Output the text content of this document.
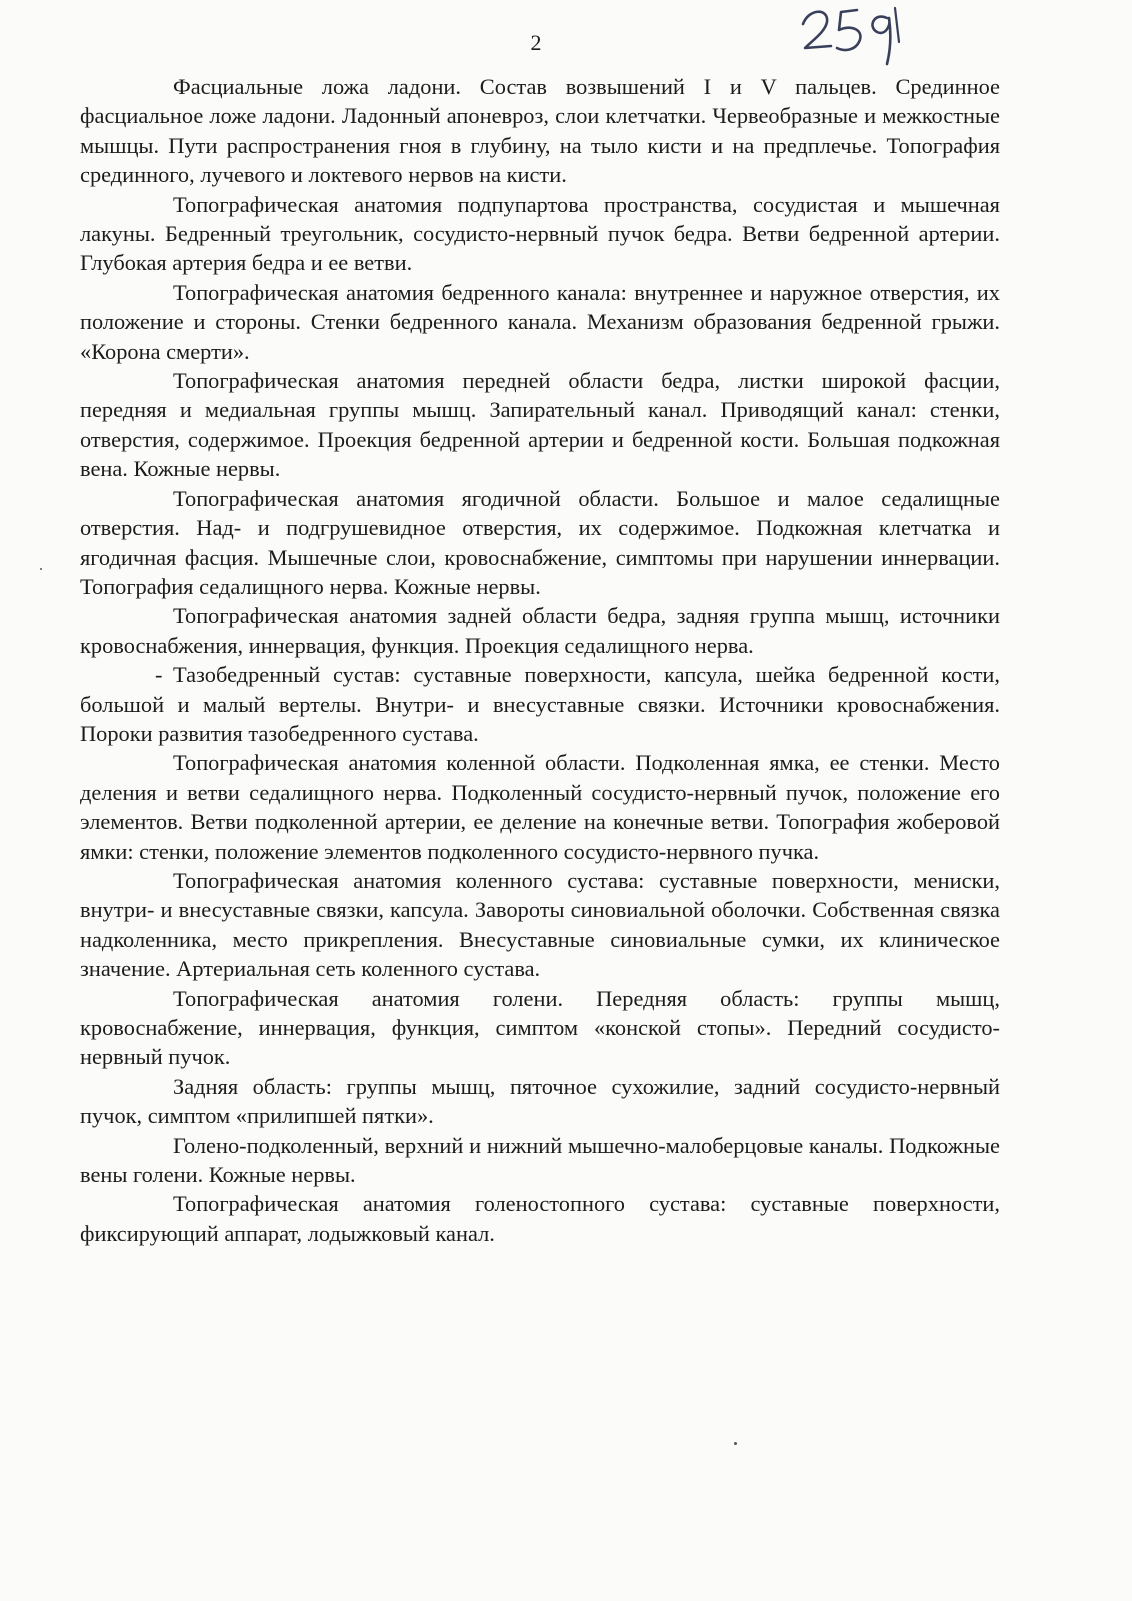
2

Фасциальные ложа ладони. Состав возвышений I и V пальцев. Срединное фасциальное ложе ладони. Ладонный апоневроз, слои клетчатки. Червеобразные и межкостные мышцы. Пути распространения гноя в глубину, на тыло кисти и на предплечье. Топография срединного, лучевого и локтевого нервов на кисти.

Топографическая анатомия подпупартова пространства, сосудистая и мышечная лакуны. Бедренный треугольник, сосудисто-нервный пучок бедра. Ветви бедренной артерии. Глубокая артерия бедра и ее ветви.

Топографическая анатомия бедренного канала: внутреннее и наружное отверстия, их положение и стороны. Стенки бедренного канала. Механизм образования бедренной грыжи. «Корона смерти».

Топографическая анатомия передней области бедра, листки широкой фасции, передняя и медиальная группы мышц. Запирательный канал. Приводящий канал: стенки, отверстия, содержимое. Проекция бедренной артерии и бедренной кости. Большая подкожная вена. Кожные нервы.

Топографическая анатомия ягодичной области. Большое и малое седалищные отверстия. Над- и подгрушевидное отверстия, их содержимое. Подкожная клетчатка и ягодичная фасция. Мышечные слои, кровоснабжение, симптомы при нарушении иннервации. Топография седалищного нерва. Кожные нервы.

Топографическая анатомия задней области бедра, задняя группа мышц, источники кровоснабжения, иннервация, функция. Проекция седалищного нерва.

- Тазобедренный сустав: суставные поверхности, капсула, шейка бедренной кости, большой и малый вертелы. Внутри- и внесуставные связки. Источники кровоснабжения. Пороки развития тазобедренного сустава.

Топографическая анатомия коленной области. Подколенная ямка, ее стенки. Место деления и ветви седалищного нерва. Подколенный сосудисто-нервный пучок, положение его элементов. Ветви подколенной артерии, ее деление на конечные ветви. Топография жоберовой ямки: стенки, положение элементов подколенного сосудисто-нервного пучка.

Топографическая анатомия коленного сустава: суставные поверхности, мениски, внутри- и внесуставные связки, капсула. Завороты синовиальной оболочки. Собственная связка надколенника, место прикрепления. Внесуставные синовиальные сумки, их клиническое значение. Артериальная сеть коленного сустава.

Топографическая анатомия голени. Передняя область: группы мышц, кровоснабжение, иннервация, функция, симптом «конской стопы». Передний сосудисто-нервный пучок.

Задняя область: группы мышц, пяточное сухожилие, задний сосудисто-нервный пучок, симптом «прилипшей пятки».

Голено-подколенный, верхний и нижний мышечно-малоберцовые каналы. Подкожные вены голени. Кожные нервы.

Топографическая анатомия голеностопного сустава: суставные поверхности, фиксирующий аппарат, лодыжковый канал.
